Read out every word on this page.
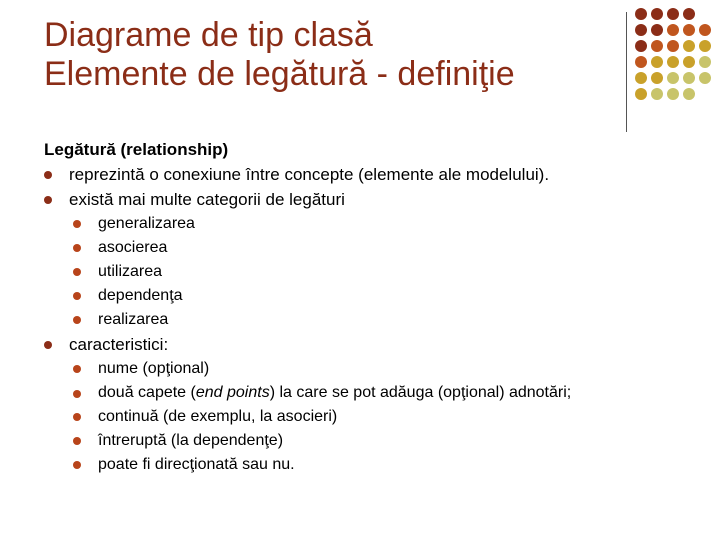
Diagrame de tip clasă
Elemente de legătură - definiţie
Legătură (relationship)
reprezintă o conexiune între concepte (elemente ale modelului).
există mai multe categorii de legături
generalizarea
asocierea
utilizarea
dependenţa
realizarea
caracteristici:
nume (opţional)
două capete (end points) la care se pot adăuga (opţional) adnotări;
continuă (de exemplu, la asocieri)
întreruptă (la dependenţe)
poate fi direcţionată sau nu.
